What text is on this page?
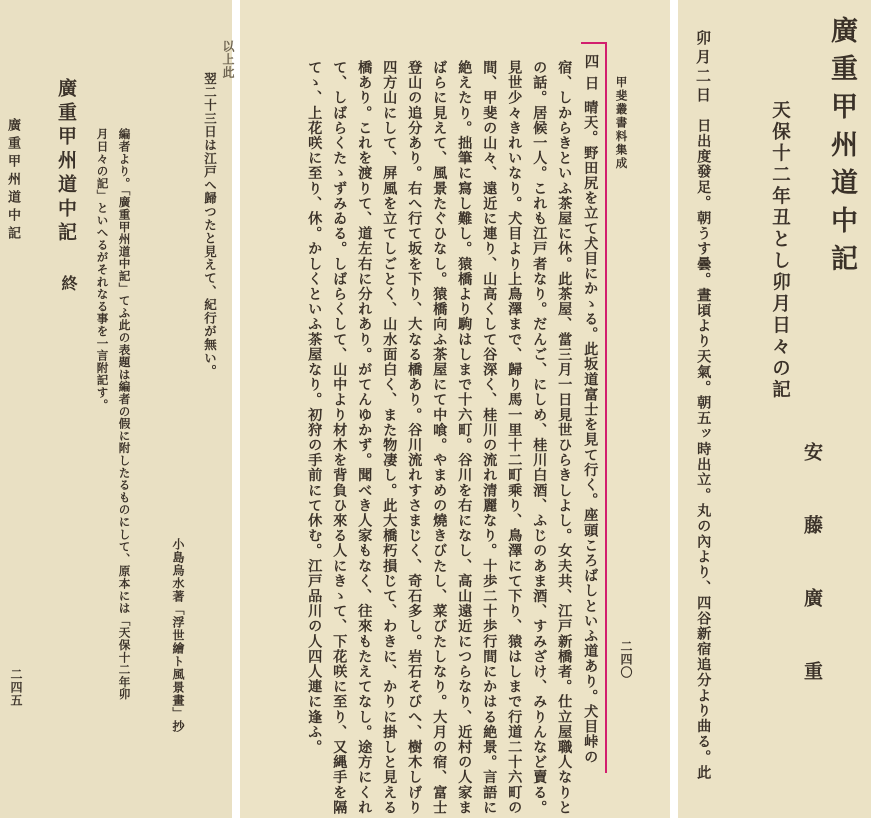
廣重甲州道中記
二四五
廣重甲州道中記
終	編者より。「廣重甲州道中記」てふ此の表題は編者の假に附したるものにして、原本には「天保十二年卯
月日々の記」といへるがそれなる事を一言附記す。
小島烏水著「浮世繪ト風景畫」抄
翌二十三日は江戸へ歸つたと見えて、紀行が無い。
以上此
甲斐叢書料集成
二四〇
四日
晴天。野田尻を立て犬目にかゝる。此坂道富士を見て行く。座頭ころばしといふ道あり。犬目峠の
宿、しからきといふ茶屋に休。此茶屋、當三月一日見世ひらきしよし。女夫共、江戸新橋者。仕立屋職人なりと
の話。居候一人。これも江戸者なり。だんご、にしめ、桂川白酒、ふじのあま酒、すみざけ、みりんなど賣る。
見世少々きれいなり。犬目より上鳥澤まで、歸り馬一里十二町乘り、鳥澤にて下り、猿はしまで行道二十六町の
間、甲斐の山々、遠近に連り、山高くして谷深く、桂川の流れ清麗なり。十歩二十歩行間にかはる絶景。言語に
絶えたり。拙筆に寫し難し。猿橋より駒はしまで十六町。谷川を右になし、高山遠近につらなり、近村の人家ま
ばらに見えて、風景たぐひなし。猿橋向ふ茶屋にて中喰。やまめの燒きびたし、菜びたしなり。大月の宿、富士
登山の追分あり。右へ行て坂を下り、大なる橋あり。谷川流れすさまじく、奇石多し。岩石そびへ、樹木しげり
四方山にして、屏風を立てしごとく、山水面白く、また物凄し。此大橋朽損じて、わきに、かりに掛しと見える
橋あり。これを渡りて、道左右に分れあり。がてんゆかず。聞べき人家もなく、往來もたえてなし。途方にくれ
て、しばらくたゝずみゐる。しばらくして、山中より材木を背負ひ來る人にきゝて、下花咲に至り、又縄手を隔
てゝ、上花咲に至り、休。かしくといふ茶屋なり。初狩の手前にて休む。江戸品川の人四人連に逢ふ。	廣重甲州道中記
天保十二年丑とし卯月日々の記
安藤廣重
卯月二日
日出度發足。朝うす曇。晝頃より天氣。朝五ッ時出立。丸の內より、四谷新宿追分より曲る。此
